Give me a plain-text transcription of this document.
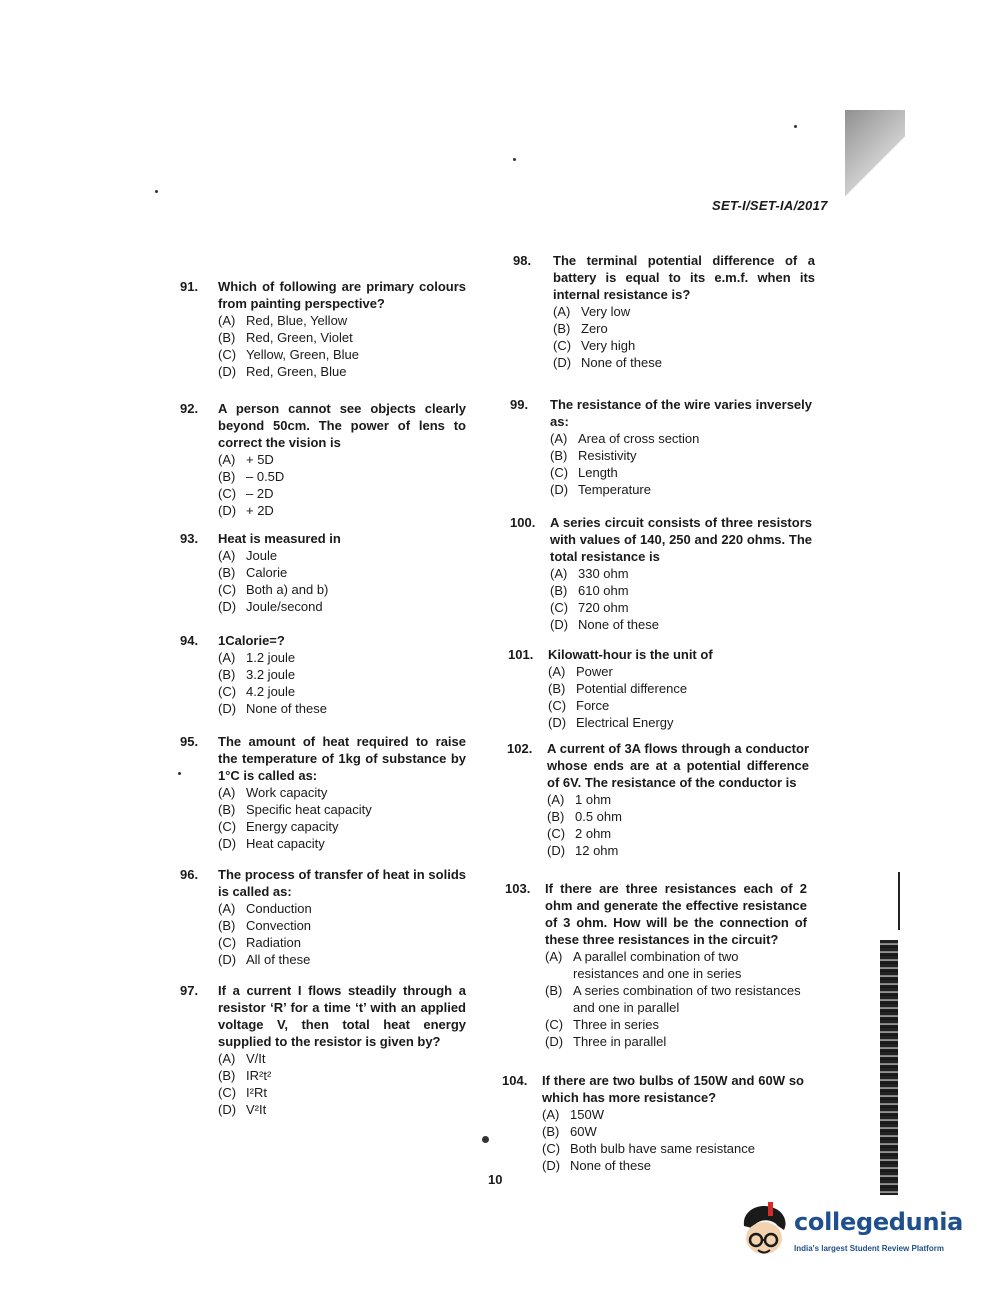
SET-I/SET-IA/2017
91.	Which of following are primary colours from painting perspective?
(A) Red, Blue, Yellow
(B) Red, Green, Violet
(C) Yellow, Green, Blue
(D) Red, Green, Blue
92.	A person cannot see objects clearly beyond 50cm. The power of lens to correct the vision is
(A) + 5D
(B) – 0.5D
(C) – 2D
(D) + 2D
93.	Heat is measured in
(A) Joule
(B) Calorie
(C) Both a) and b)
(D) Joule/second
94.	1Calorie=?
(A) 1.2 joule
(B) 3.2 joule
(C) 4.2 joule
(D) None of these
95.	The amount of heat required to raise the temperature of 1kg of substance by 1°C is called as:
(A) Work capacity
(B) Specific heat capacity
(C) Energy capacity
(D) Heat capacity
96.	The process of transfer of heat in solids is called as:
(A) Conduction
(B) Convection
(C) Radiation
(D) All of these
97.	If a current I flows steadily through a resistor ‘R’ for a time ‘t’ with an applied voltage V, then total heat energy supplied to the resistor is given by?
(A) V/It
(B) IR²t²
(C) I²Rt
(D) V²It
98. The terminal potential difference of a battery is equal to its e.m.f. when its internal resistance is?
(A) Very low
(B) Zero
(C) Very high
(D) None of these
99. The resistance of the wire varies inversely as:
(A) Area of cross section
(B) Resistivity
(C) Length
(D) Temperature
100. A series circuit consists of three resistors with values of 140, 250 and 220 ohms. The total resistance is
(A) 330 ohm
(B) 610 ohm
(C) 720 ohm
(D) None of these
101. Kilowatt-hour is the unit of
(A) Power
(B) Potential difference
(C) Force
(D) Electrical Energy
102. A current of 3A flows through a conductor whose ends are at a potential difference of 6V. The resistance of the conductor is
(A) 1 ohm
(B) 0.5 ohm
(C) 2 ohm
(D) 12 ohm
103. If there are three resistances each of 2 ohm and generate the effective resistance of 3 ohm. How will be the connection of these three resistances in the circuit?
(A) A parallel combination of two resistances and one in series
(B) A series combination of two resistances and one in parallel
(C) Three in series
(D) Three in parallel
104. If there are two bulbs of 150W and 60W so which has more resistance?
(A) 150W
(B) 60W
(C) Both bulb have same resistance
(D) None of these
10
collegedunia
India's largest Student Review Platform
